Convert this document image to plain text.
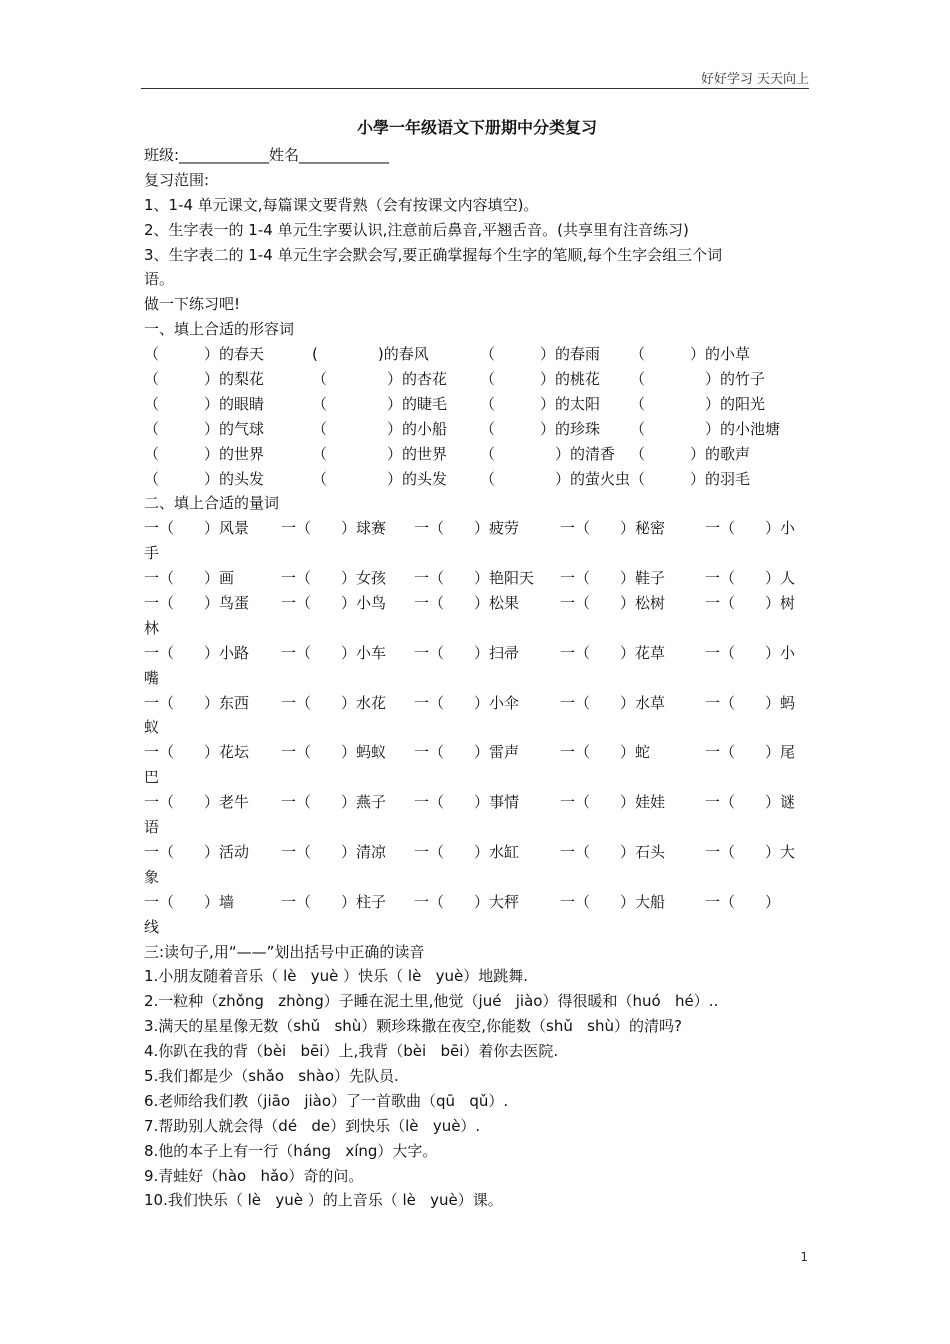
好好学习 天天向上
小學一年级语文下册期中分类复习
班级:____________姓名____________
复习范围:
1、1-4 单元课文,每篇课文要背熟（会有按课文内容填空)。
2、生字表一的 1-4 单元生字要认识,注意前后鼻音,平翘舌音。(共享里有注音练习)
3、生字表二的 1-4 单元生字会默会写,要正确掌握每个生字的笔顺,每个生字会组三个词
语。
做一下练习吧!
一、填上合适的形容词
（　　　）的春天	(　　　　)的春风	（　　　）的春雨 （　　　）的小草
（　　　）的梨花	（　　　　）的杏花 （　　　）的桃花 （　　　　）的竹子
（　　　）的眼睛	（　　　　）的睫毛 （　　　）的太阳 （　　　　）的阳光
（　　　）的气球	（　　　　）的小船 （　　　）的珍珠 （　　　　）的小池塘
（　　　）的世界	（　　　　）的世界 （　　　　）的清香 （　　　）的歌声
（　　　）的头发	（　　　　）的头发 （　　　　）的萤火虫 （　　　）的羽毛
二、填上合适的量词
一（　　）风景 一（　　）球赛 一（　　）疲劳	一（　　）秘密	一（　　）小
手
一（　　）画	一（　　）女孩 一（　　）艳阳天 一（　　）鞋子	一（　　）人
一（　　）鸟蛋 一（　　）小鸟 一（　　）松果	一（　　）松树	一（　　）树
林
一（　　）小路 一（　　）小车 一（　　）扫帚	一（　　）花草	一（　　）小
嘴
一（　　）东西 一（　　）水花 一（　　）小伞	一（　　）水草	一（　　）蚂
蚁
一（　　）花坛 一（　　）蚂蚁 一（　　）雷声	一（　　）蛇	一（　　）尾
巴
一（　　）老牛 一（　　）燕子 一（　　）事情	一（　　）娃娃	一（　　）谜
语
一（　　）活动 一（　　）清凉 一（　　）水缸	一（　　）石头	一（　　）大
象
一（　　）墙	一（　　）柱子 一（　　）大秤	一（　　）大船	一（　　）
线
三:读句子,用“——”划出括号中正确的读音
1.小朋友随着音乐（ lè   yuè ）快乐（ lè   yuè）地跳舞.
2.一粒种（zhǒng   zhòng）子睡在泥土里,他觉（jué   jiào）得很暖和（huó   hé）..
3.满天的星星像无数（shǔ   shù）颗珍珠撒在夜空,你能数（shǔ   shù）的清吗?
4.你趴在我的背（bèi   bēi）上,我背（bèi   bēi）着你去医院.
5.我们都是少（shǎo   shào）先队员.
6.老师给我们教（jiāo   jiào）了一首歌曲（qū   qǔ）.
7.帮助别人就会得（dé   de）到快乐（lè   yuè）.
8.他的本子上有一行（háng   xíng）大字。
9.青蛙好（hào   hǎo）奇的问。
10.我们快乐（ lè   yuè ）的上音乐（ lè   yuè）课。
1
